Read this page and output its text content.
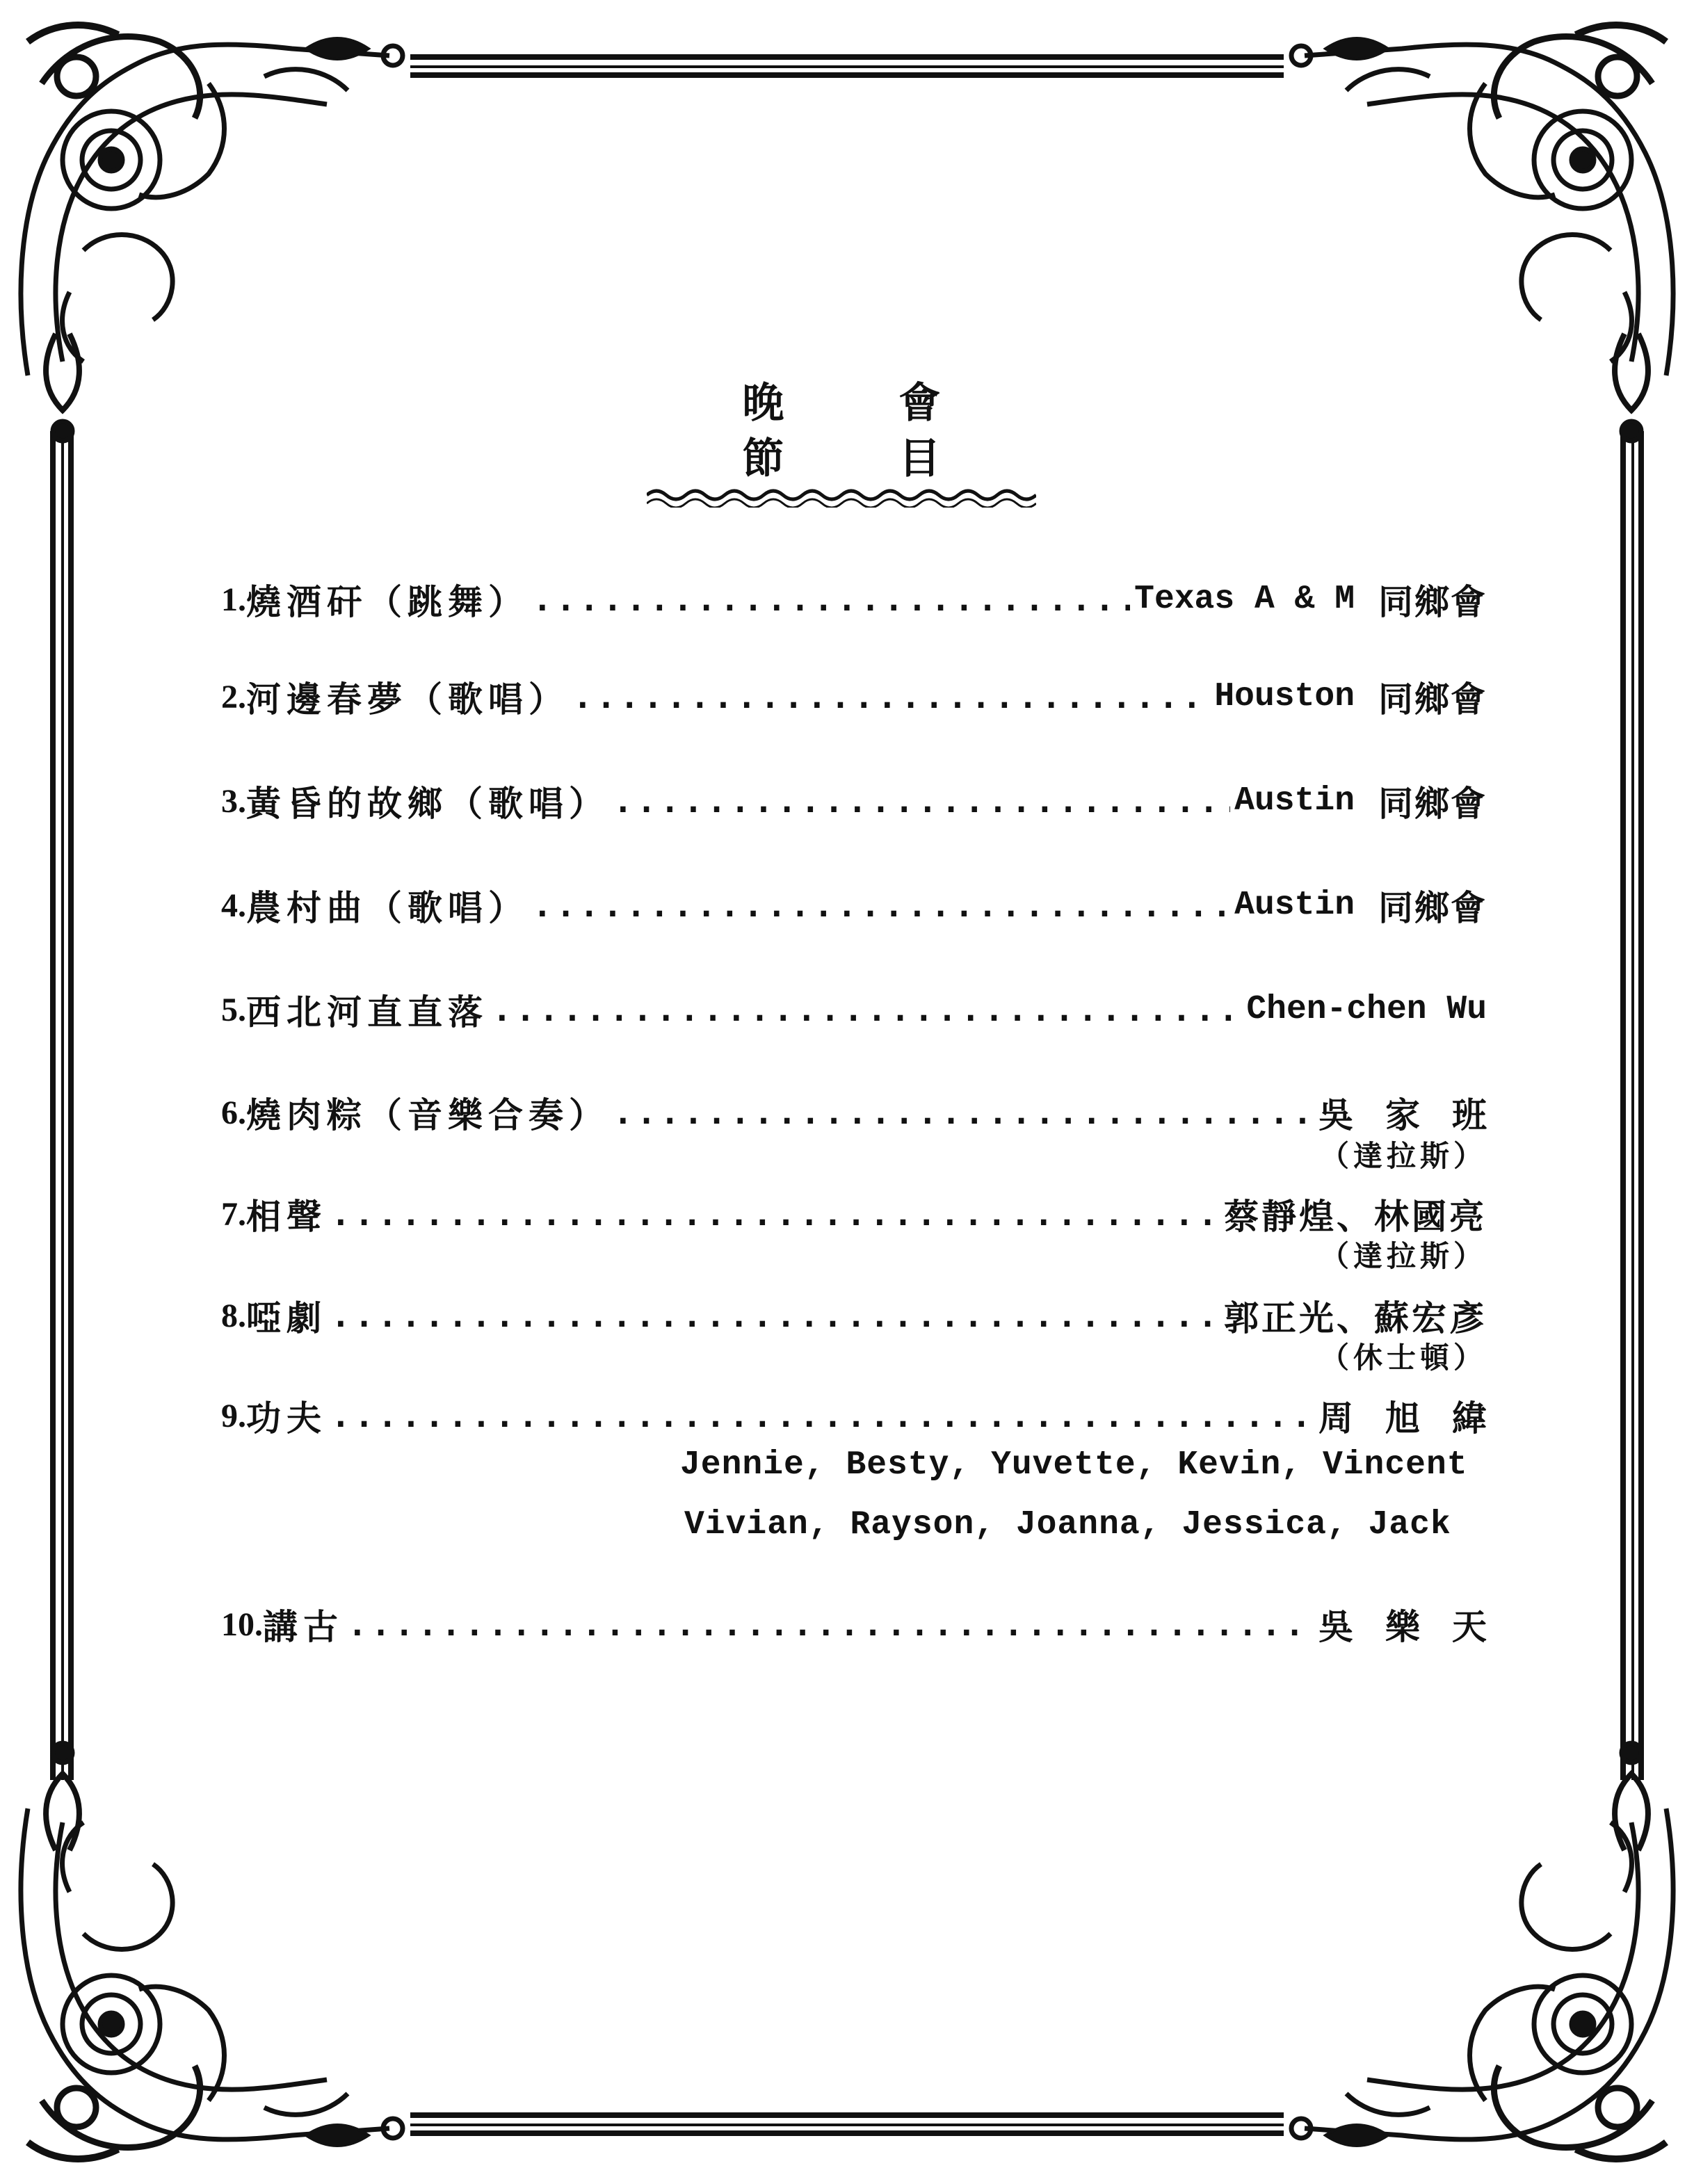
晚 會 節 目
1. 燒酒矸（跳舞） .....	Texas A & M 同鄉會
2. 河邊春夢（歌唱） .....	Houston 同鄉會
3. 黃昏的故鄉（歌唱） .....	Austin 同鄉會
4. 農村曲（歌唱） .....	Austin 同鄉會
5. 西北河直直落 .....	Chen-chen Wu
6. 燒肉粽（音樂合奏） .....	吳家班
（達拉斯）
7. 相聲 .....	蔡靜煌、林國亮
（達拉斯）
8. 啞劇 .....	郭正光、蘇宏彥
（休士頓）
9. 功夫 .....	周旭緯
Jennie, Besty, Yuvette, Kevin, Vincent
Vivian, Rayson, Joanna, Jessica, Jack
10. 講古 .....	吳樂天
